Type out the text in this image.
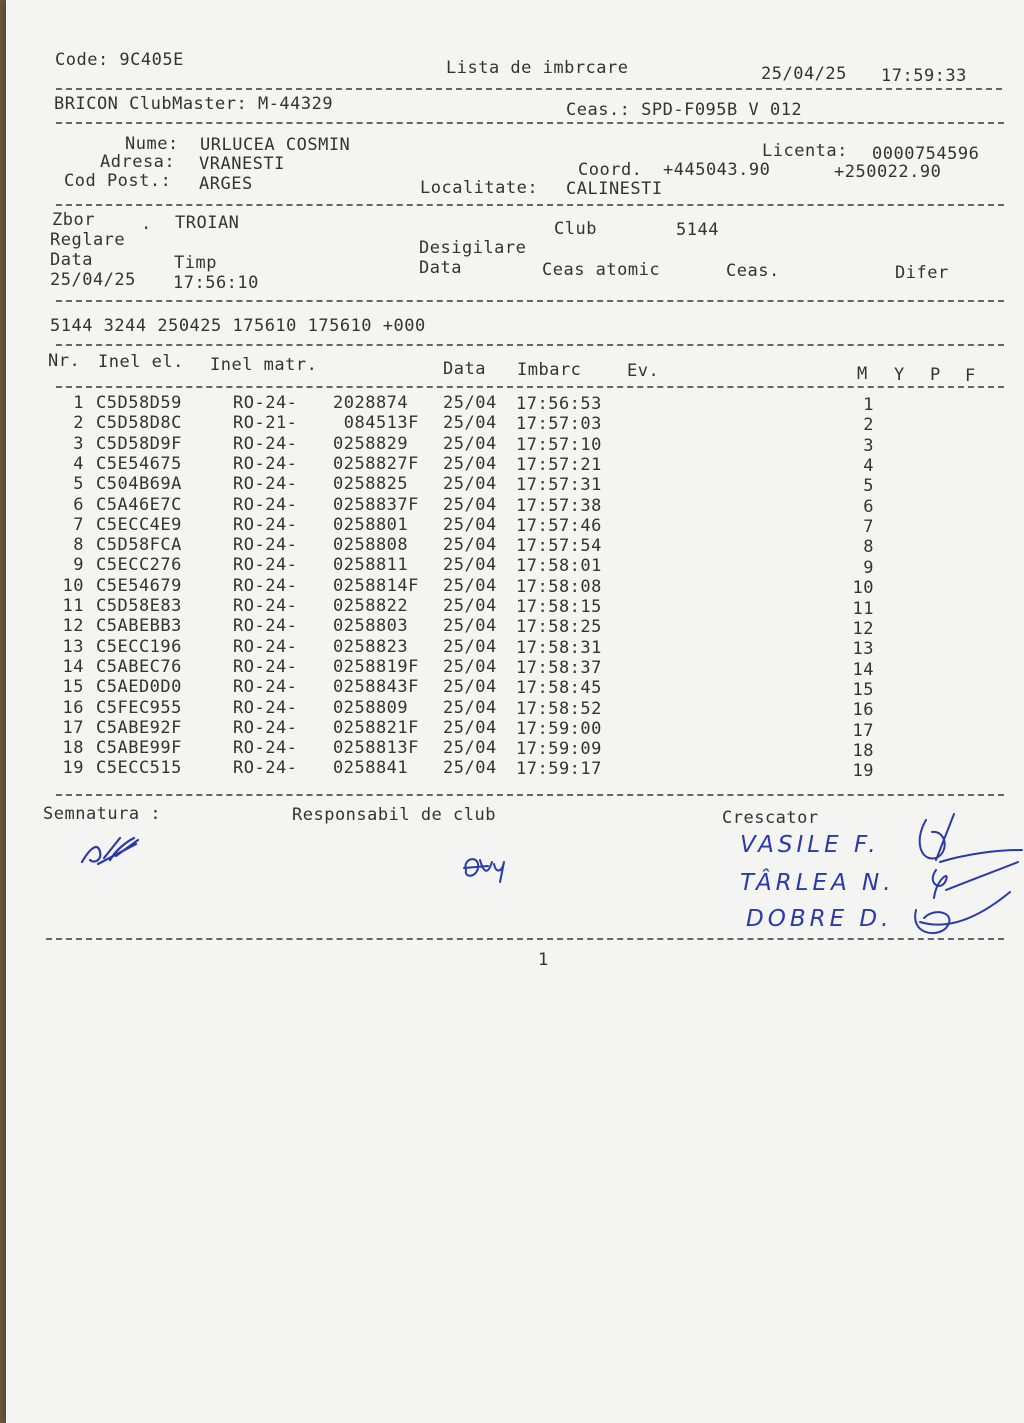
Code: 9C405E	Lista de imbrcare	25/04/25 17:59:33
BRICON ClubMaster: M-44329	Ceas.: SPD-F095B V 012
Nume: URLUCEA COSMIN
Adresa: VRANESTI
Cod Post.: ARGES
Licenta: 0000754596
Coord. +445043.90	+250022.90
Localitate: CALINESTI
Zbor	. TROIAN	Club	5144
Reglare	Desigilare
Data	Timp	Data	Ceas atomic	Ceas.	Difer
25/04/25 17:56:10
5144 3244 250425 175610 175610 +000
Nr. Inel el. Inel matr.	Data Imbarc	Ev.	M Y P F
1 C5D58D59	RO-24- 2028874 25/04 17:56:53	1
2 C5D58D8C	RO-21- 084513F 25/04 17:57:03	2
3 C5D58D9F	RO-24- 0258829 25/04 17:57:10	3
4 C5E54675	RO-24- 0258827F 25/04 17:57:21	4
5 C504B69A	RO-24- 0258825 25/04 17:57:31	5
6 C5A46E7C	RO-24- 0258837F 25/04 17:57:38	6
7 C5ECC4E9	RO-24- 0258801 25/04 17:57:46	7
8 C5D58FCA	RO-24- 0258808 25/04 17:57:54	8
9 C5ECC276	RO-24- 0258811 25/04 17:58:01	9
10 C5E54679	RO-24- 0258814F 25/04 17:58:08	10
11 C5D58E83	RO-24- 0258822 25/04 17:58:15	11
12 C5ABEBB3	RO-24- 0258803 25/04 17:58:25	12
13 C5ECC196	RO-24- 0258823 25/04 17:58:31	13
14 C5ABEC76	RO-24- 0258819F 25/04 17:58:37	14
15 C5AED0D0	RO-24- 0258843F 25/04 17:58:45	15
16 C5FEC955	RO-24- 0258809 25/04 17:58:52	16
17 C5ABE92F	RO-24- 0258821F 25/04 17:59:00	17
18 C5ABE99F	RO-24- 0258813F 25/04 17:59:09	18
19 C5ECC515	RO-24- 0258841 25/04 17:59:17	19
Semnatura :	Responsabil de club	Crescator
VASILE F.
TÂRLEA N.
DOBRE D.
1
